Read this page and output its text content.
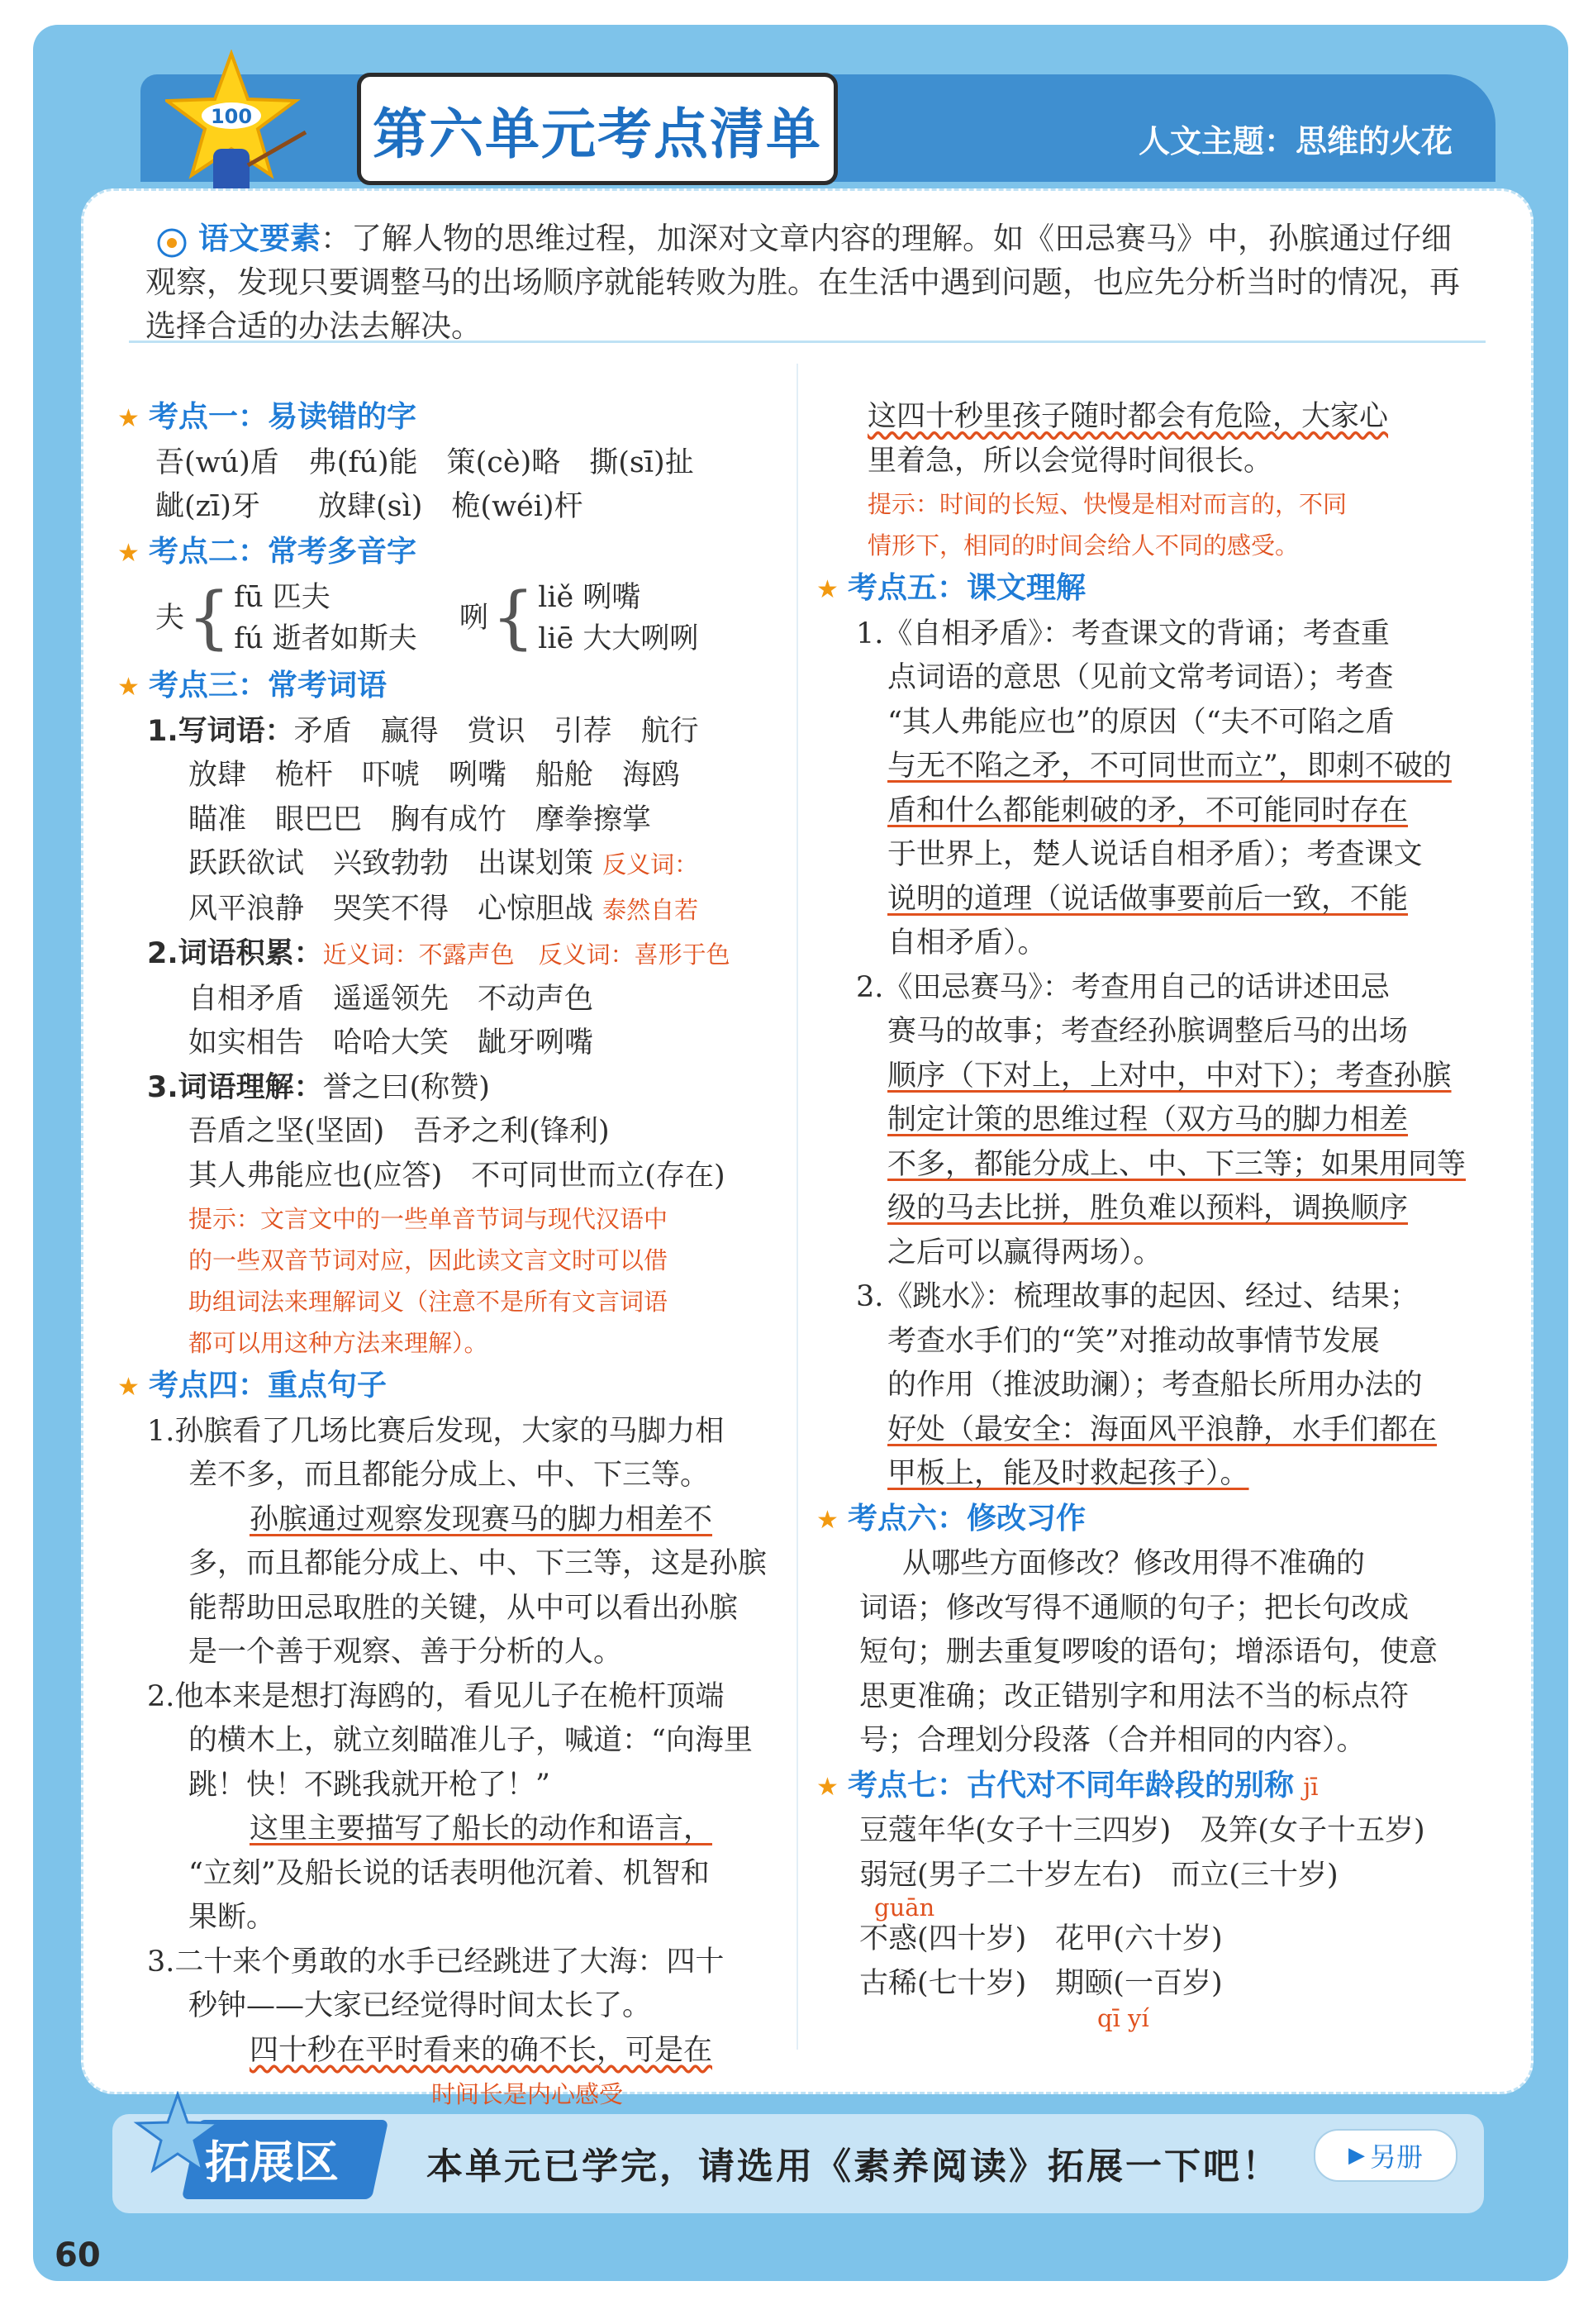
100 第六单元考点清单	人文主题：思维的火花
语文要素：了解人物的思维过程，加深对文章内容的理解。如《田忌赛马》中，孙膑通过仔细观察，发现只要调整马的出场顺序就能转败为胜。在生活中遇到问题，也应先分析当时的情况，再选择合适的办法去解决。

★ 考点一：易读错的字

吾(wú)盾　弗(fú)能　策(cè)略　撕(sī)扯

龇(zī)牙　　放肆(sì)　桅(wéi)杆

★ 考点二：常考多音字

夫 { fū 匹夫
fú 逝者如斯夫

咧 { liě 咧嘴
liē 大大咧咧

★ 考点三：常考词语

1.写词语：矛盾　赢得　赏识　引荐　航行

放肆　桅杆　吓唬　咧嘴　船舱　海鸥

瞄准　眼巴巴　胸有成竹　摩拳擦掌

跃跃欲试　兴致勃勃　出谋划策 反义词：

风平浪静　哭笑不得　心惊胆战 泰然自若

2.词语积累：近义词：不露声色　反义词：喜形于色

自相矛盾　遥遥领先　不动声色

如实相告　哈哈大笑　龇牙咧嘴

3.词语理解：誉之曰(称赞)

吾盾之坚(坚固)　吾矛之利(锋利)

其人弗能应也(应答)　不可同世而立(存在)

提示：文言文中的一些单音节词与现代汉语中

的一些双音节词对应，因此读文言文时可以借

助组词法来理解词义（注意不是所有文言词语

都可以用这种方法来理解）。

★ 考点四：重点句子

1.孙膑看了几场比赛后发现，大家的马脚力相

差不多，而且都能分成上、中、下三等。

孙膑通过观察发现赛马的脚力相差不

多，而且都能分成上、中、下三等，这是孙膑

能帮助田忌取胜的关键，从中可以看出孙膑

是一个善于观察、善于分析的人。

2.他本来是想打海鸥的，看见儿子在桅杆顶端

的横木上，就立刻瞄准儿子，喊道：“向海里

跳！快！不跳我就开枪了！”

这里主要描写了船长的动作和语言，

“立刻”及船长说的话表明他沉着、机智和

果断。

3.二十来个勇敢的水手已经跳进了大海：四十

秒钟——大家已经觉得时间太长了。

四十秒在平时看来的确不长，可是在

时间长是内心感受

这四十秒里孩子随时都会有危险，大家心

里着急，所以会觉得时间很长。

提示：时间的长短、快慢是相对而言的，不同

情形下，相同的时间会给人不同的感受。

★ 考点五：课文理解

1.《自相矛盾》：考查课文的背诵；考查重

点词语的意思（见前文常考词语）；考查

“其人弗能应也”的原因（“夫不可陷之盾

与无不陷之矛，不可同世而立”，即刺不破的

盾和什么都能刺破的矛，不可能同时存在

于世界上，楚人说话自相矛盾）；考查课文

说明的道理（说话做事要前后一致，不能

自相矛盾）。

2.《田忌赛马》：考查用自己的话讲述田忌

赛马的故事；考查经孙膑调整后马的出场

顺序（下对上，上对中，中对下）；考查孙膑

制定计策的思维过程（双方马的脚力相差

不多，都能分成上、中、下三等；如果用同等

级的马去比拼，胜负难以预料，调换顺序

之后可以赢得两场）。

3.《跳水》：梳理故事的起因、经过、结果；

考查水手们的“笑”对推动故事情节发展

的作用（推波助澜）；考查船长所用办法的

好处（最安全：海面风平浪静，水手们都在

甲板上，能及时救起孩子）。

★ 考点六：修改习作

从哪些方面修改？修改用得不准确的

词语；修改写得不通顺的句子；把长句改成

短句；删去重复啰唆的语句；增添语句，使意

思更准确；改正错别字和用法不当的标点符

号；合理划分段落（合并相同的内容）。

★ 考点七：古代对不同年龄段的别称 jī

豆蔻年华(女子十三四岁)　及笄(女子十五岁)

弱冠(男子二十岁左右)　而立(三十岁)

guān

不惑(四十岁)　花甲(六十岁)

古稀(七十岁)　期颐(一百岁)

qī yí

拓展区 本单元已学完，请选用《素养阅读》拓展一下吧！	▶ 另册
60
